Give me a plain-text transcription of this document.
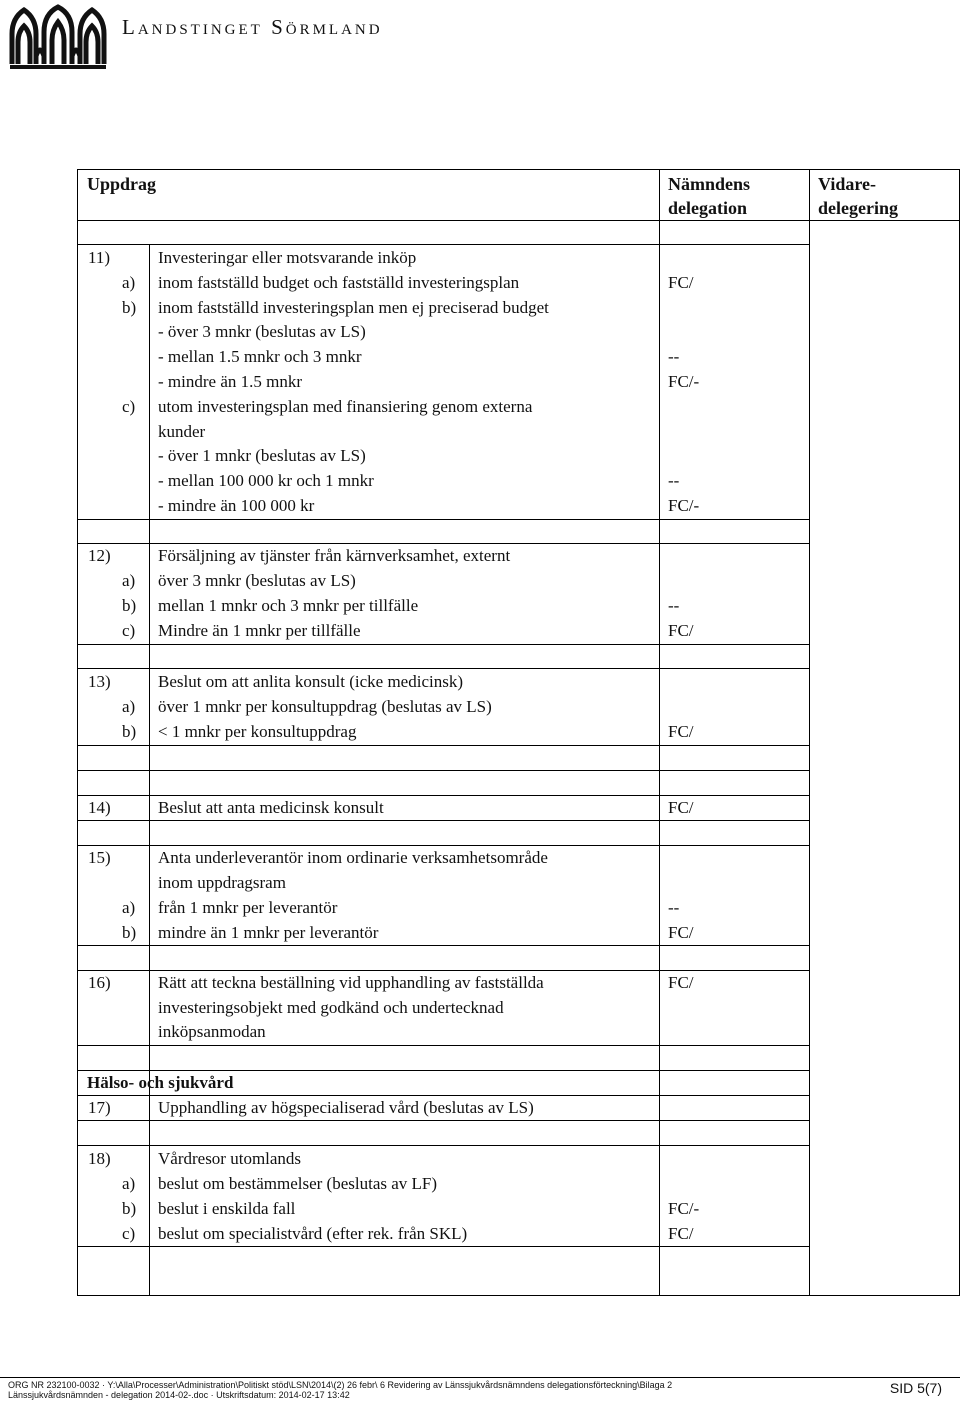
Landstinget Sörmland
Uppdrag	Nämndens
delegation
Vidare-
delegering
11)	Investeringar eller motsvarande inköp
a) inom fastställd budget och fastställd investeringsplan	FC/
b) inom fastställd investeringsplan men ej preciserad budget
- över 3 mnkr (beslutas av LS)
- mellan 1.5 mnkr och 3 mnkr	--
- mindre än 1.5 mnkr	FC/-
c) utom investeringsplan med finansiering genom externa
kunder
- över 1 mnkr (beslutas av LS)
- mellan 100 000 kr och 1 mnkr	--
- mindre än 100 000 kr	FC/-
12)	Försäljning av tjänster från kärnverksamhet, externt
a) över 3 mnkr (beslutas av LS)
b) mellan 1 mnkr och 3 mnkr per tillfälle	--
c) Mindre än 1 mnkr per tillfälle	FC/
13)	Beslut om att anlita konsult (icke medicinsk)
a) över 1 mnkr per konsultuppdrag (beslutas av LS)
b) < 1 mnkr per konsultuppdrag	FC/
14)	Beslut att anta medicinsk konsult	FC/
15)	Anta underleverantör inom ordinarie verksamhetsområde
inom uppdragsram
a) från 1 mnkr per leverantör	--
b) mindre än 1 mnkr per leverantör	FC/
16)	Rätt att teckna beställning vid upphandling av fastställda	FC/
investeringsobjekt med godkänd och undertecknad
inköpsanmodan
Hälso- och sjukvård
17)	Upphandling av högspecialiserad vård (beslutas av LS)
18)	Vårdresor utomlands
a) beslut om bestämmelser (beslutas av LF)
b) beslut i enskilda fall	FC/-
c) beslut om specialistvård (efter rek. från SKL)	FC/
ORG NR 232100-0032 · Y:\Alla\Processer\Administration\Politiskt stöd\LSN\2014\(2) 26 febr\ 6 Revidering av Länssjukvårdsnämndens delegationsförteckning\Bilaga 2
Länssjukvårdsnämnden - delegation 2014-02-.doc · Utskriftsdatum: 2014-02-17 13:42	SID 5(7)
